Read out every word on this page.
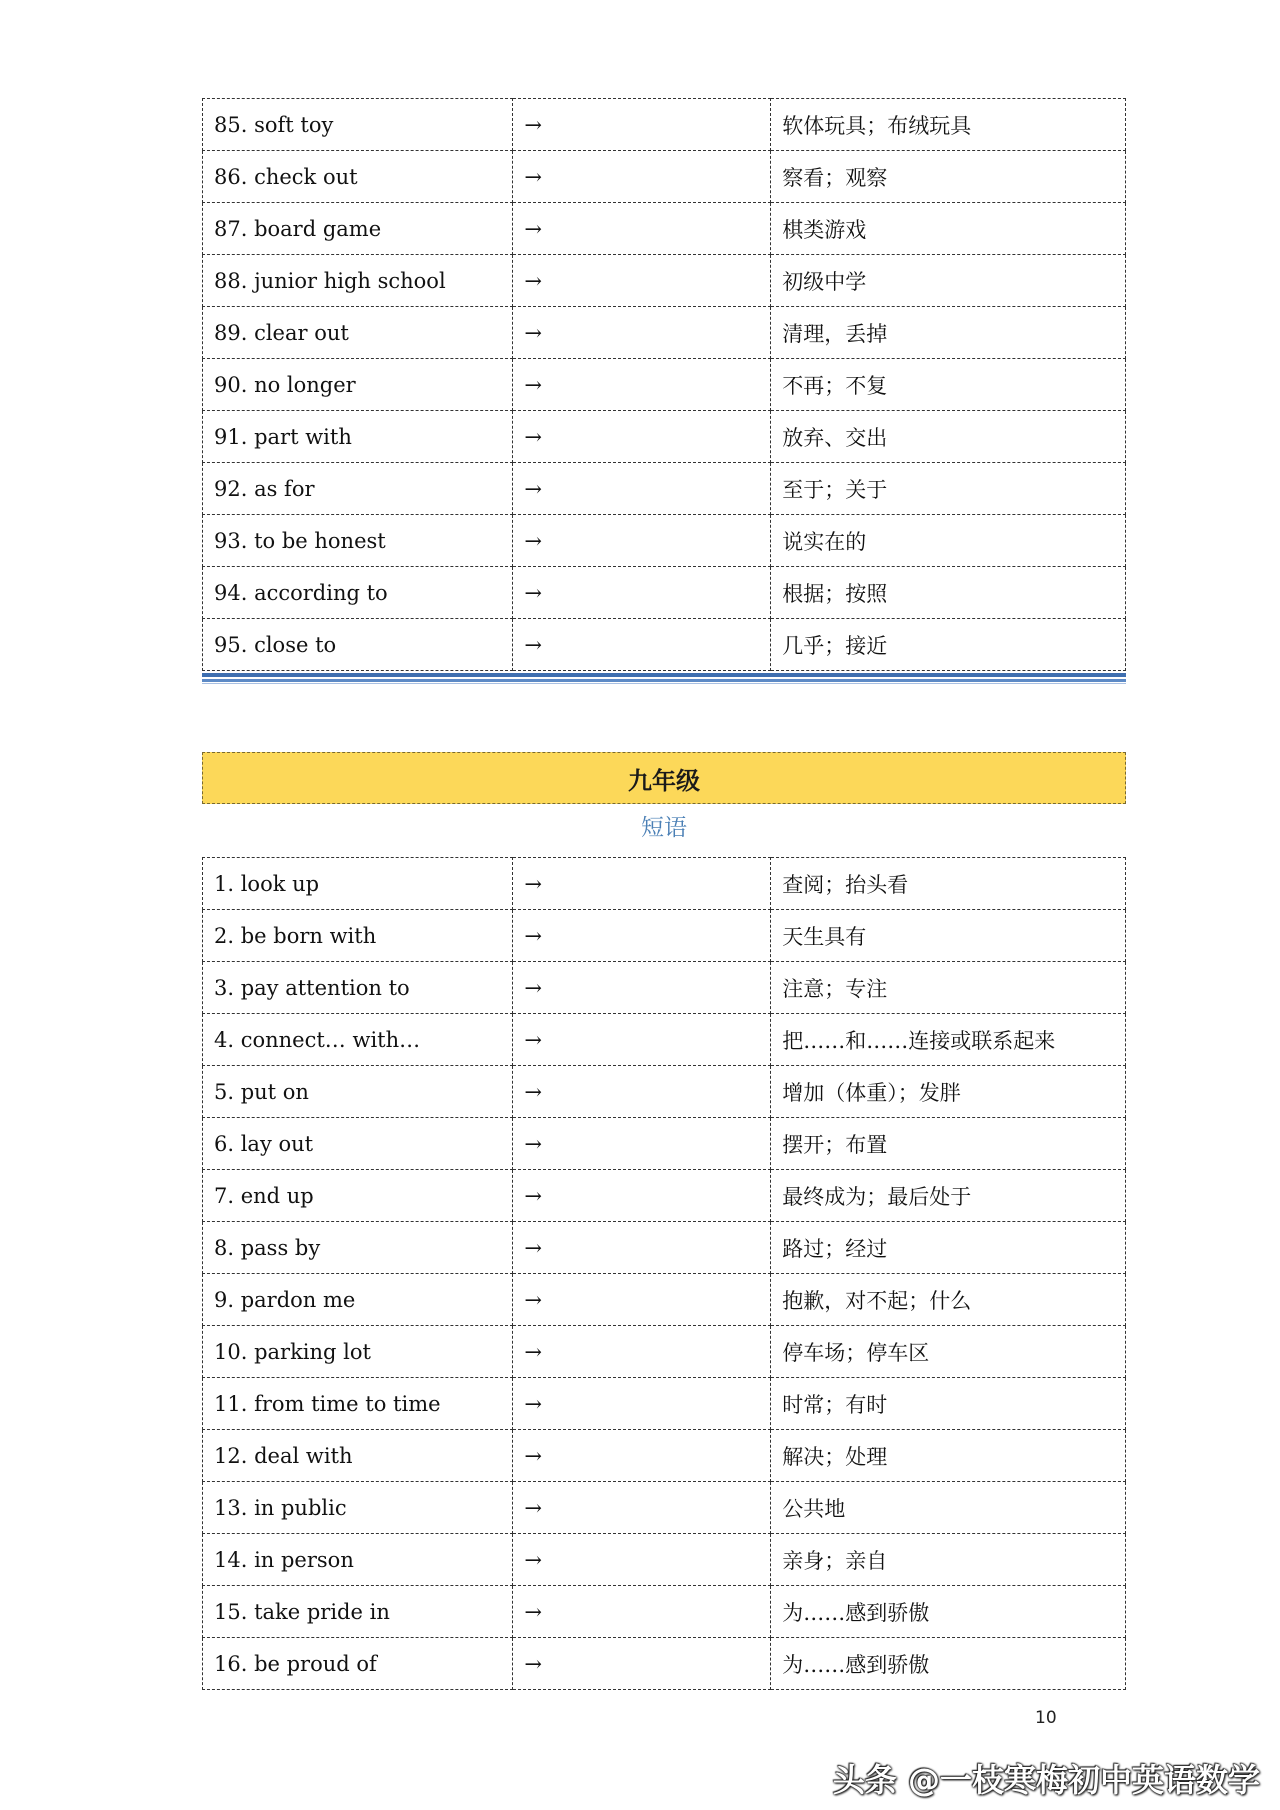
85. soft toy	→	软体玩具；布绒玩具
86. check out	→	察看；观察
87. board game	→	棋类游戏
88. junior high school	→	初级中学
89. clear out	→	清理，丢掉
90. no longer	→	不再；不复
91. part with	→	放弃、交出
92. as for	→	至于；关于
93. to be honest	→	说实在的
94. according to	→	根据；按照
95. close to	→	几乎；接近
九年级
短语
1. look up	→	查阅；抬头看
2. be born with	→	天生具有
3. pay attention to	→	注意；专注
4. connect… with…	→	把……和……连接或联系起来
5. put on	→	增加（体重）；发胖
6. lay out	→	摆开；布置
7. end up	→	最终成为；最后处于
8. pass by	→	路过；经过
9. pardon me	→	抱歉，对不起；什么
10. parking lot	→	停车场；停车区
11. from time to time	→	时常；有时
12. deal with	→	解决；处理
13. in public	→	公共地
14. in person	→	亲身；亲自
15. take pride in	→	为……感到骄傲
16. be proud of	→	为……感到骄傲
10
头条 @一枝寒梅初中英语数学
